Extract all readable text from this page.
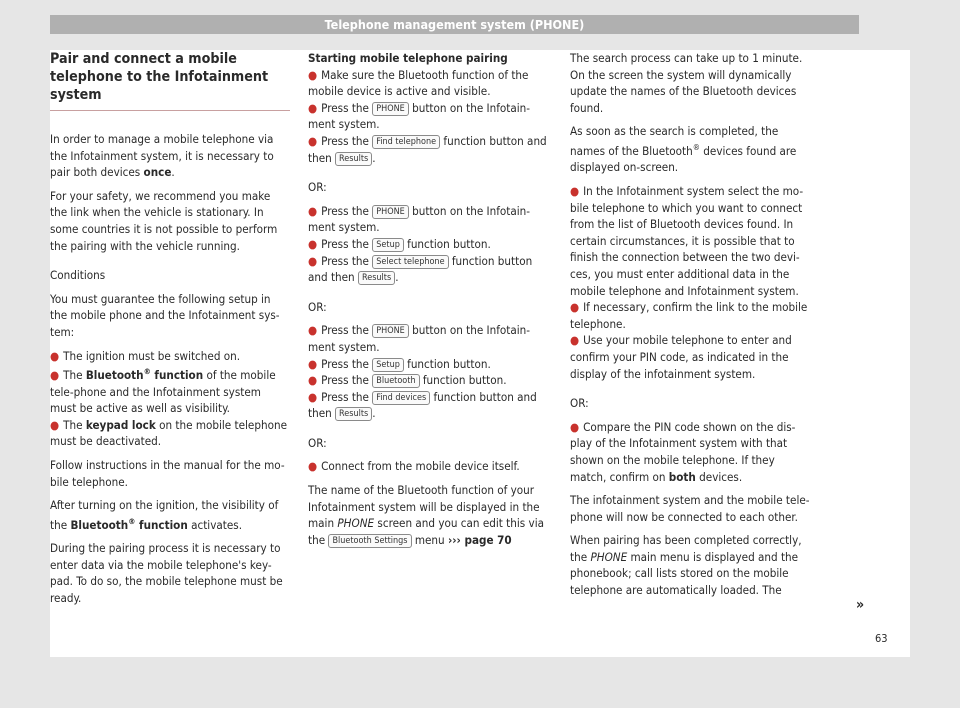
Telephone management system (PHONE)
Pair and connect a mobile telephone to the Infotainment system

In order to manage a mobile telephone via the Infotainment system, it is necessary to pair both devices once.

For your safety, we recommend you make the link when the vehicle is stationary. In some countries it is not possible to perform the pairing with the vehicle running.

Conditions

You must guarantee the following setup in the mobile phone and the Infotainment sys-tem:

● The ignition must be switched on.

● The Bluetooth® function of the mobile tele-phone and the Infotainment system must be active as well as visibility.

● The keypad lock on the mobile telephone must be deactivated.

Follow instructions in the manual for the mo-bile telephone.

After turning on the ignition, the visibility of the Bluetooth® function activates.

During the pairing process it is necessary to enter data via the mobile telephone's key-pad. To do so, the mobile telephone must be ready.

Starting mobile telephone pairing

● Make sure the Bluetooth function of the mobile device is active and visible.

● Press the PHONE button on the Infotain-ment system.

● Press the Find telephone function button and then Results .

OR:

● Press the PHONE button on the Infotain-ment system.

● Press the Setup function button.

● Press the Select telephone function button and then Results .

OR:

● Press the PHONE button on the Infotain-ment system.

● Press the Setup function button.

● Press the Bluetooth function button.

● Press the Find devices function button and then Results .

OR:

● Connect from the mobile device itself.

The name of the Bluetooth function of your Infotainment system will be displayed in the main PHONE screen and you can edit this via the Bluetooth Settings menu ››› page 70

The search process can take up to 1 minute. On the screen the system will dynamically update the names of the Bluetooth devices found.

As soon as the search is completed, the names of the Bluetooth® devices found are displayed on-screen.

● In the Infotainment system select the mo-bile telephone to which you want to connect from the list of Bluetooth devices found. In certain circumstances, it is possible that to finish the connection between the two devi-ces, you must enter additional data in the mobile telephone and Infotainment system.

● If necessary, confirm the link to the mobile telephone.

● Use your mobile telephone to enter and confirm your PIN code, as indicated in the display of the infotainment system.

OR:

● Compare the PIN code shown on the dis-play of the Infotainment system with that shown on the mobile telephone. If they match, confirm on both devices.

The infotainment system and the mobile tele-phone will now be connected to each other.

When pairing has been completed correctly, the PHONE main menu is displayed and the phonebook; call lists stored on the mobile telephone are automatically loaded. The

»
63
